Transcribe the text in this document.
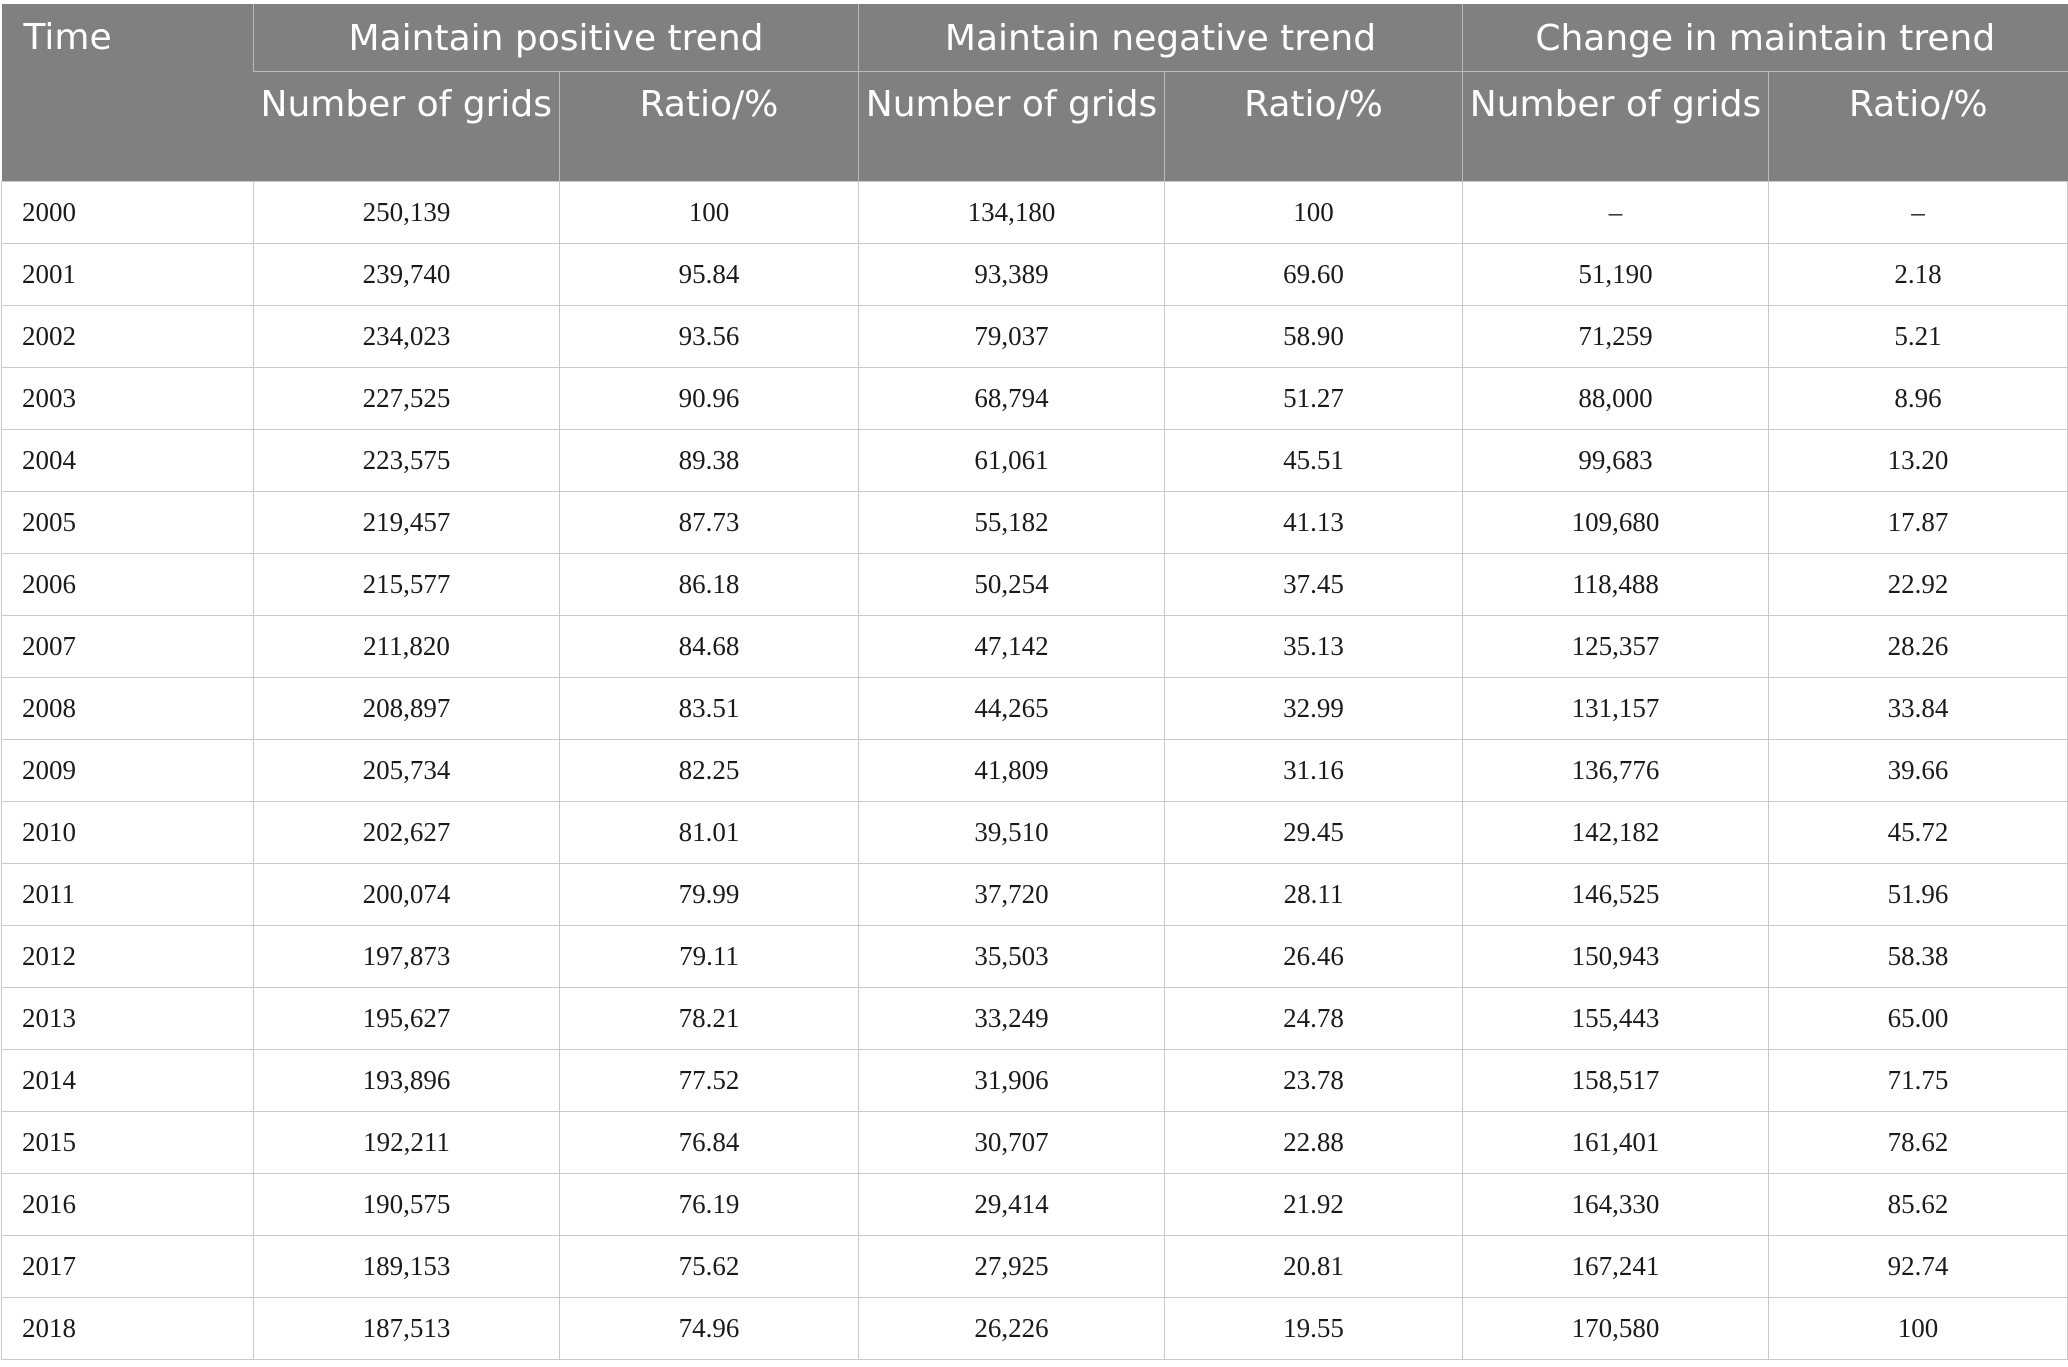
Time	Maintain positive trend		Maintain negative trend		Change in maintain trend	
	Number of grids	Ratio/%	Number of grids	Ratio/%	Number of grids	Ratio/%
2000	250,139	100	134,180	100	–	–
2001	239,740	95.84	93,389	69.60	51,190	2.18
2002	234,023	93.56	79,037	58.90	71,259	5.21
2003	227,525	90.96	68,794	51.27	88,000	8.96
2004	223,575	89.38	61,061	45.51	99,683	13.20
2005	219,457	87.73	55,182	41.13	109,680	17.87
2006	215,577	86.18	50,254	37.45	118,488	22.92
2007	211,820	84.68	47,142	35.13	125,357	28.26
2008	208,897	83.51	44,265	32.99	131,157	33.84
2009	205,734	82.25	41,809	31.16	136,776	39.66
2010	202,627	81.01	39,510	29.45	142,182	45.72
2011	200,074	79.99	37,720	28.11	146,525	51.96
2012	197,873	79.11	35,503	26.46	150,943	58.38
2013	195,627	78.21	33,249	24.78	155,443	65.00
2014	193,896	77.52	31,906	23.78	158,517	71.75
2015	192,211	76.84	30,707	22.88	161,401	78.62
2016	190,575	76.19	29,414	21.92	164,330	85.62
2017	189,153	75.62	27,925	20.81	167,241	92.74
2018	187,513	74.96	26,226	19.55	170,580	100
